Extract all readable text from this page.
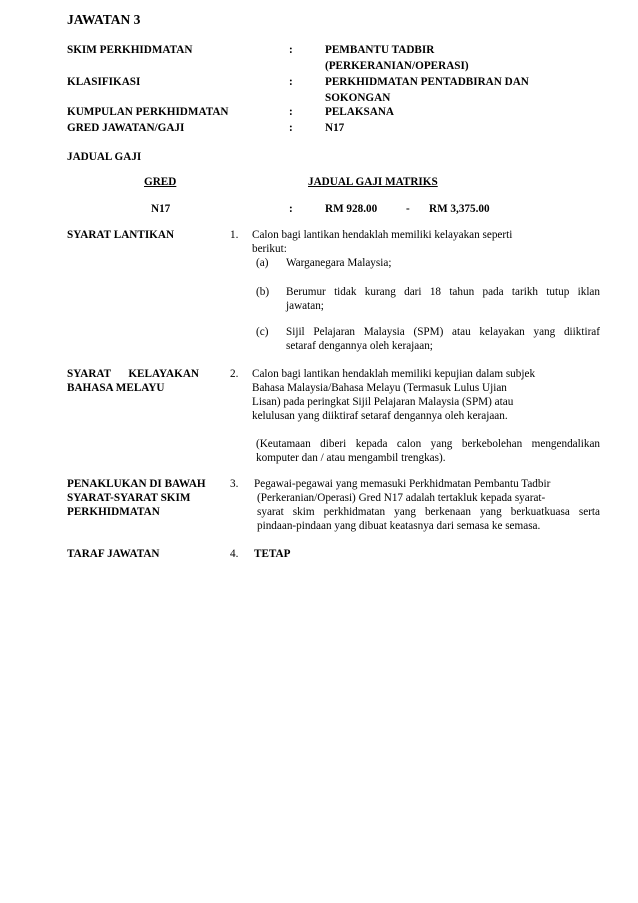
JAWATAN 3
SKIM PERKHIDMATAN	:	PEMBANTU TADBIR
(PERKERANIAN/OPERASI)
KLASIFIKASI	:	PERKHIDMATAN PENTADBIRAN DAN
SOKONGAN
KUMPULAN PERKHIDMATAN	:	PELAKSANA
GRED JAWATAN/GAJI	:	N17
JADUAL GAJI
GRED	JADUAL GAJI MATRIKS
N17	:	RM 928.00	- RM 3,375.00
SYARAT LANTIKAN	1. Calon bagi lantikan hendaklah memiliki kelayakan seperti
berikut:
(a) Warganegara Malaysia;
(b) Berumur tidak kurang dari 18 tahun pada tarikh tutup iklan
jawatan;
(c) Sijil Pelajaran Malaysia (SPM) atau kelayakan yang diiktiraf
setaraf dengannya oleh kerajaan;
SYARAT KELAYAKAN
BAHASA MELAYU
2. Calon bagi lantikan hendaklah memiliki kepujian dalam subjek
Bahasa Malaysia/Bahasa Melayu (Termasuk Lulus Ujian
Lisan) pada peringkat Sijil Pelajaran Malaysia (SPM) atau
kelulusan yang diiktiraf setaraf dengannya oleh kerajaan.
(Keutamaan diberi kepada calon yang berkebolehan mengendalikan
komputer dan / atau mengambil trengkas).
PENAKLUKAN DI BAWAH
SYARAT-SYARAT SKIM
PERKHIDMATAN
3. Pegawai-pegawai yang memasuki Perkhidmatan Pembantu Tadbir
(Perkeranian/Operasi) Gred N17 adalah tertakluk kepada syarat-
syarat skim perkhidmatan yang berkenaan yang berkuatkuasa serta
pindaan-pindaan yang dibuat keatasnya dari semasa ke semasa.
TARAF JAWATAN	4. TETAP
